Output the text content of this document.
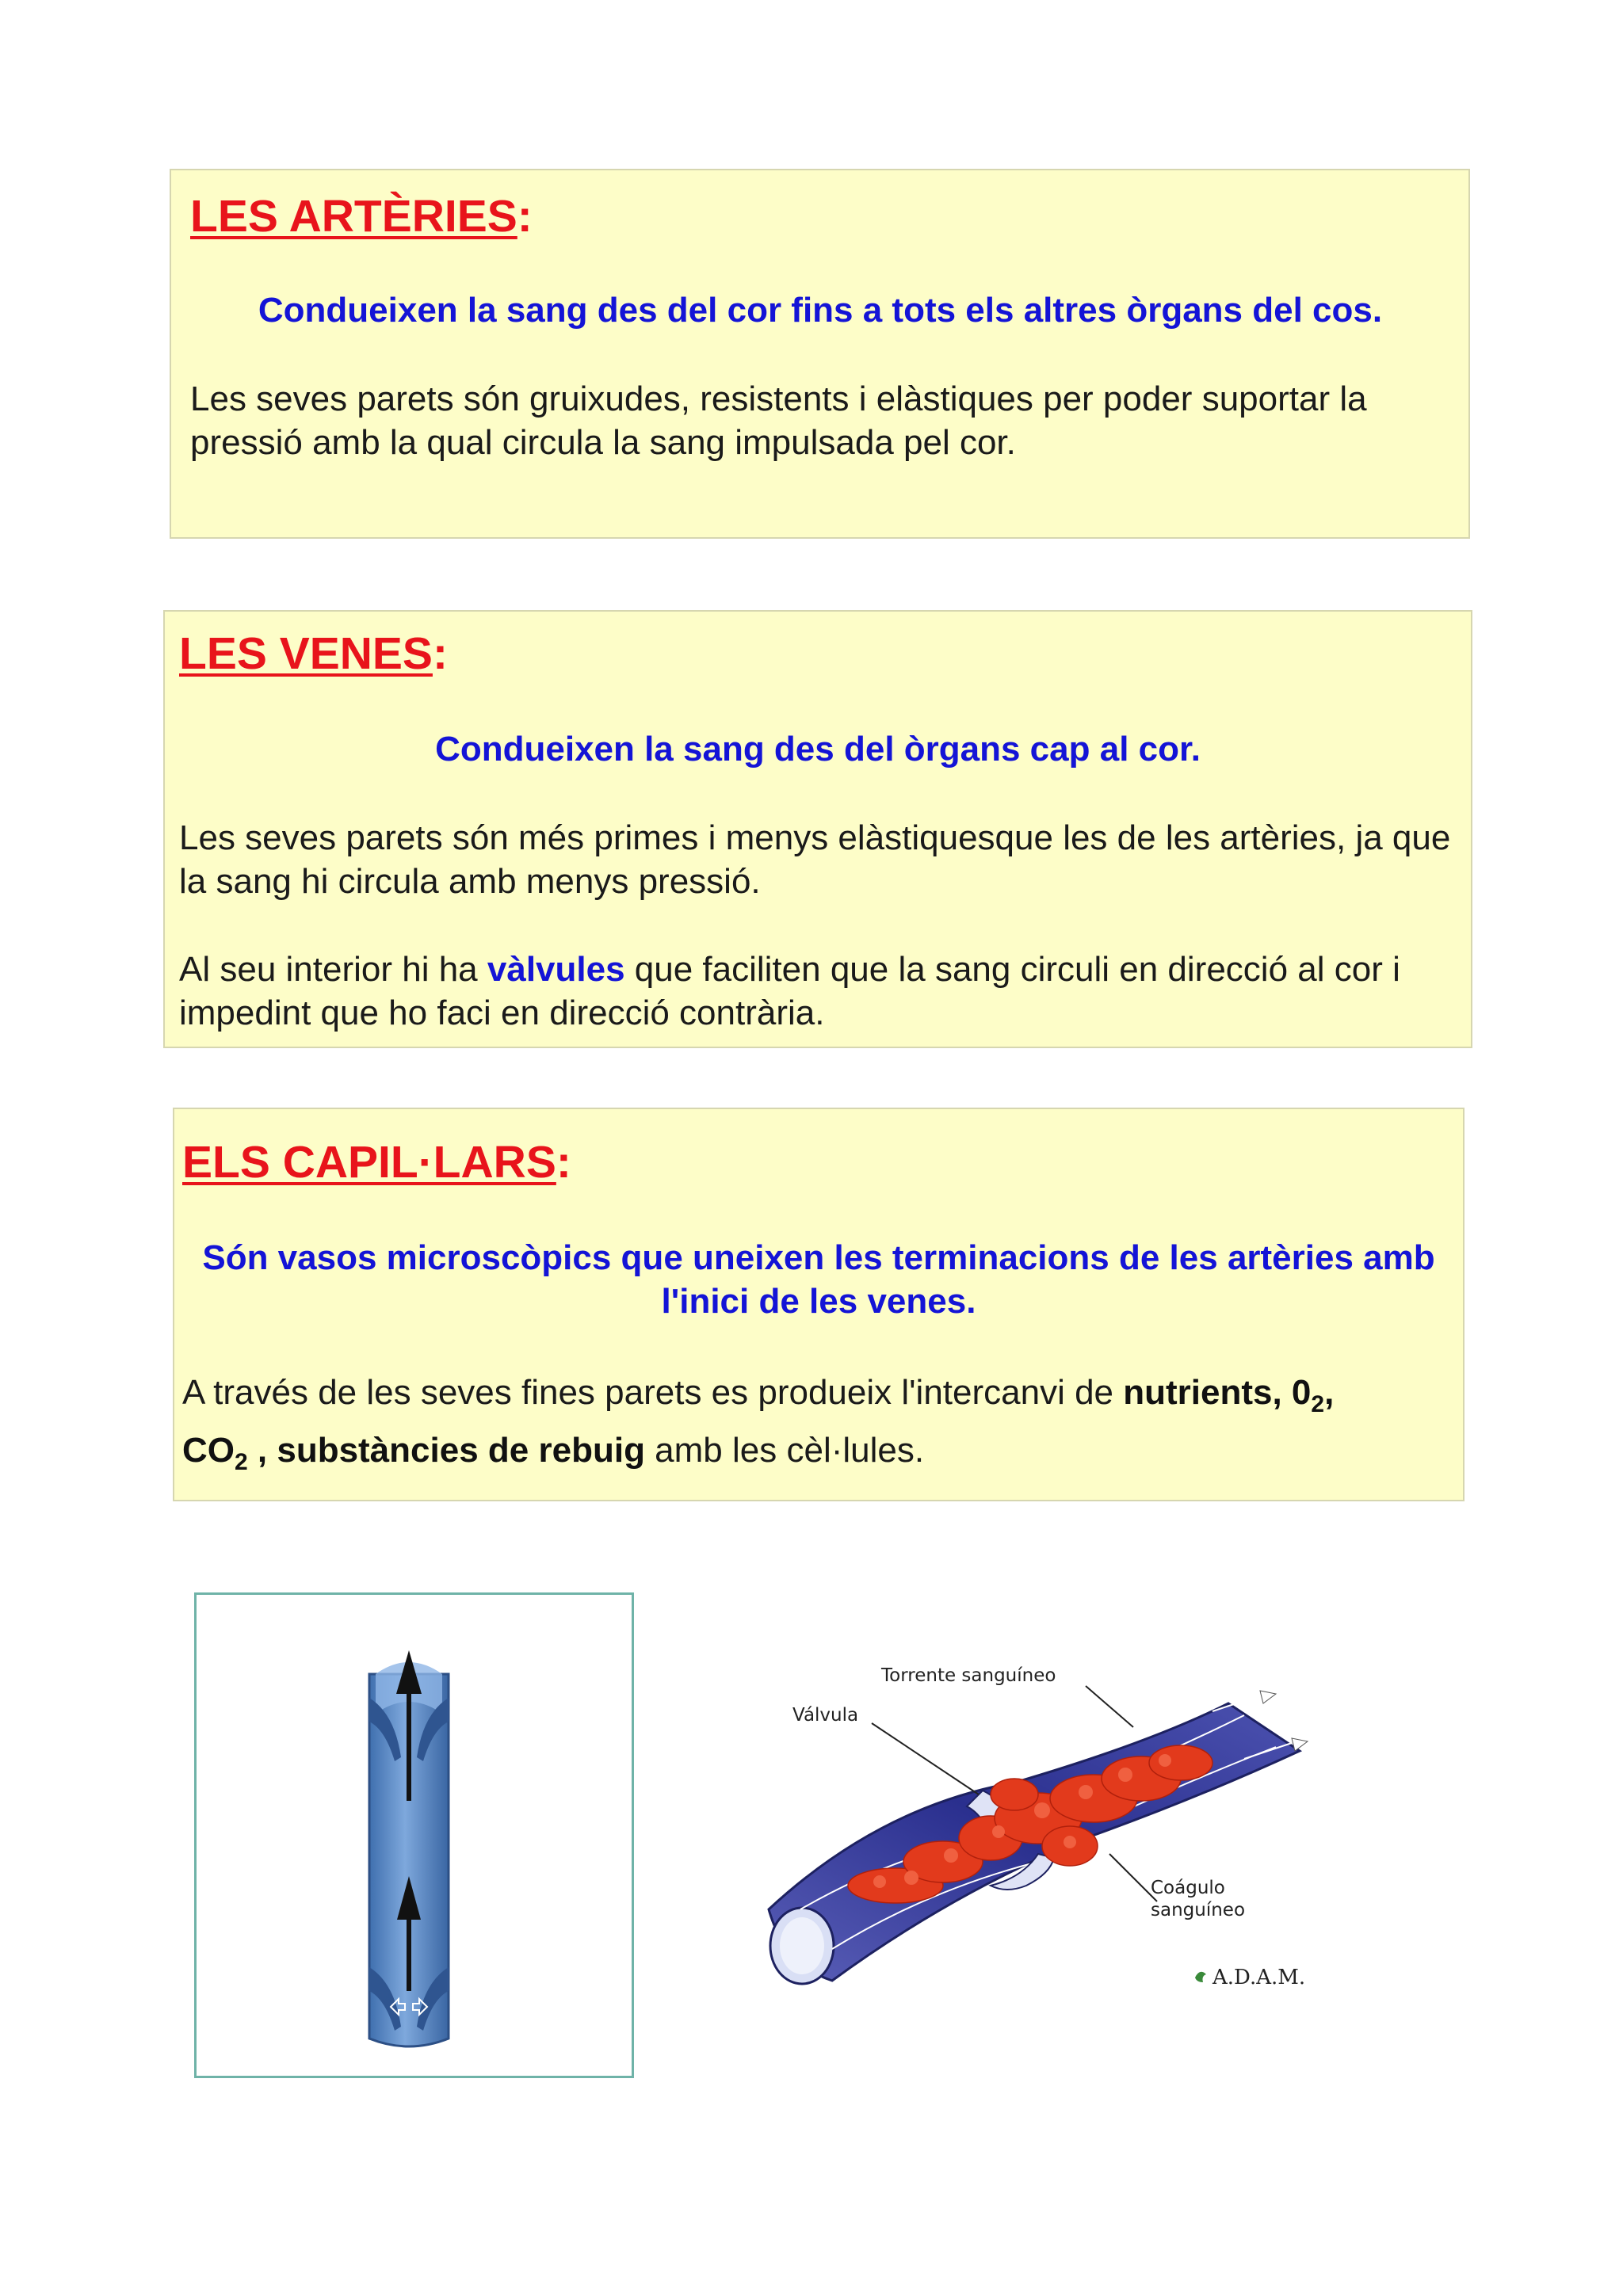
LES ARTÈRIES:

Condueixen la sang des del cor fins a tots els altres òrgans del cos.

Les seves parets són gruixudes, resistents i elàstiques per poder suportar la pressió amb la qual circula la sang impulsada pel cor.

LES VENES:

Condueixen la sang des del òrgans cap al cor.

Les seves parets són més primes i menys elàstiquesque les de les artèries, ja que la sang hi circula amb menys pressió.

Al seu interior hi ha vàlvules que faciliten que la sang circuli en direcció al cor i impedint que ho faci en direcció contrària.

ELS CAPIL·LARS:

Són vasos microscòpics que uneixen les terminacions de les artèries amb l'inici de les venes.

A través de les seves fines parets es produeix l'intercanvi de nutrients, $0_2$,
$CO_2$ , substàncies de rebuig amb les cèl·lules.

Torrente sanguíneo
Válvula
Coágulo
sanguíneo
A.D.A.M.
